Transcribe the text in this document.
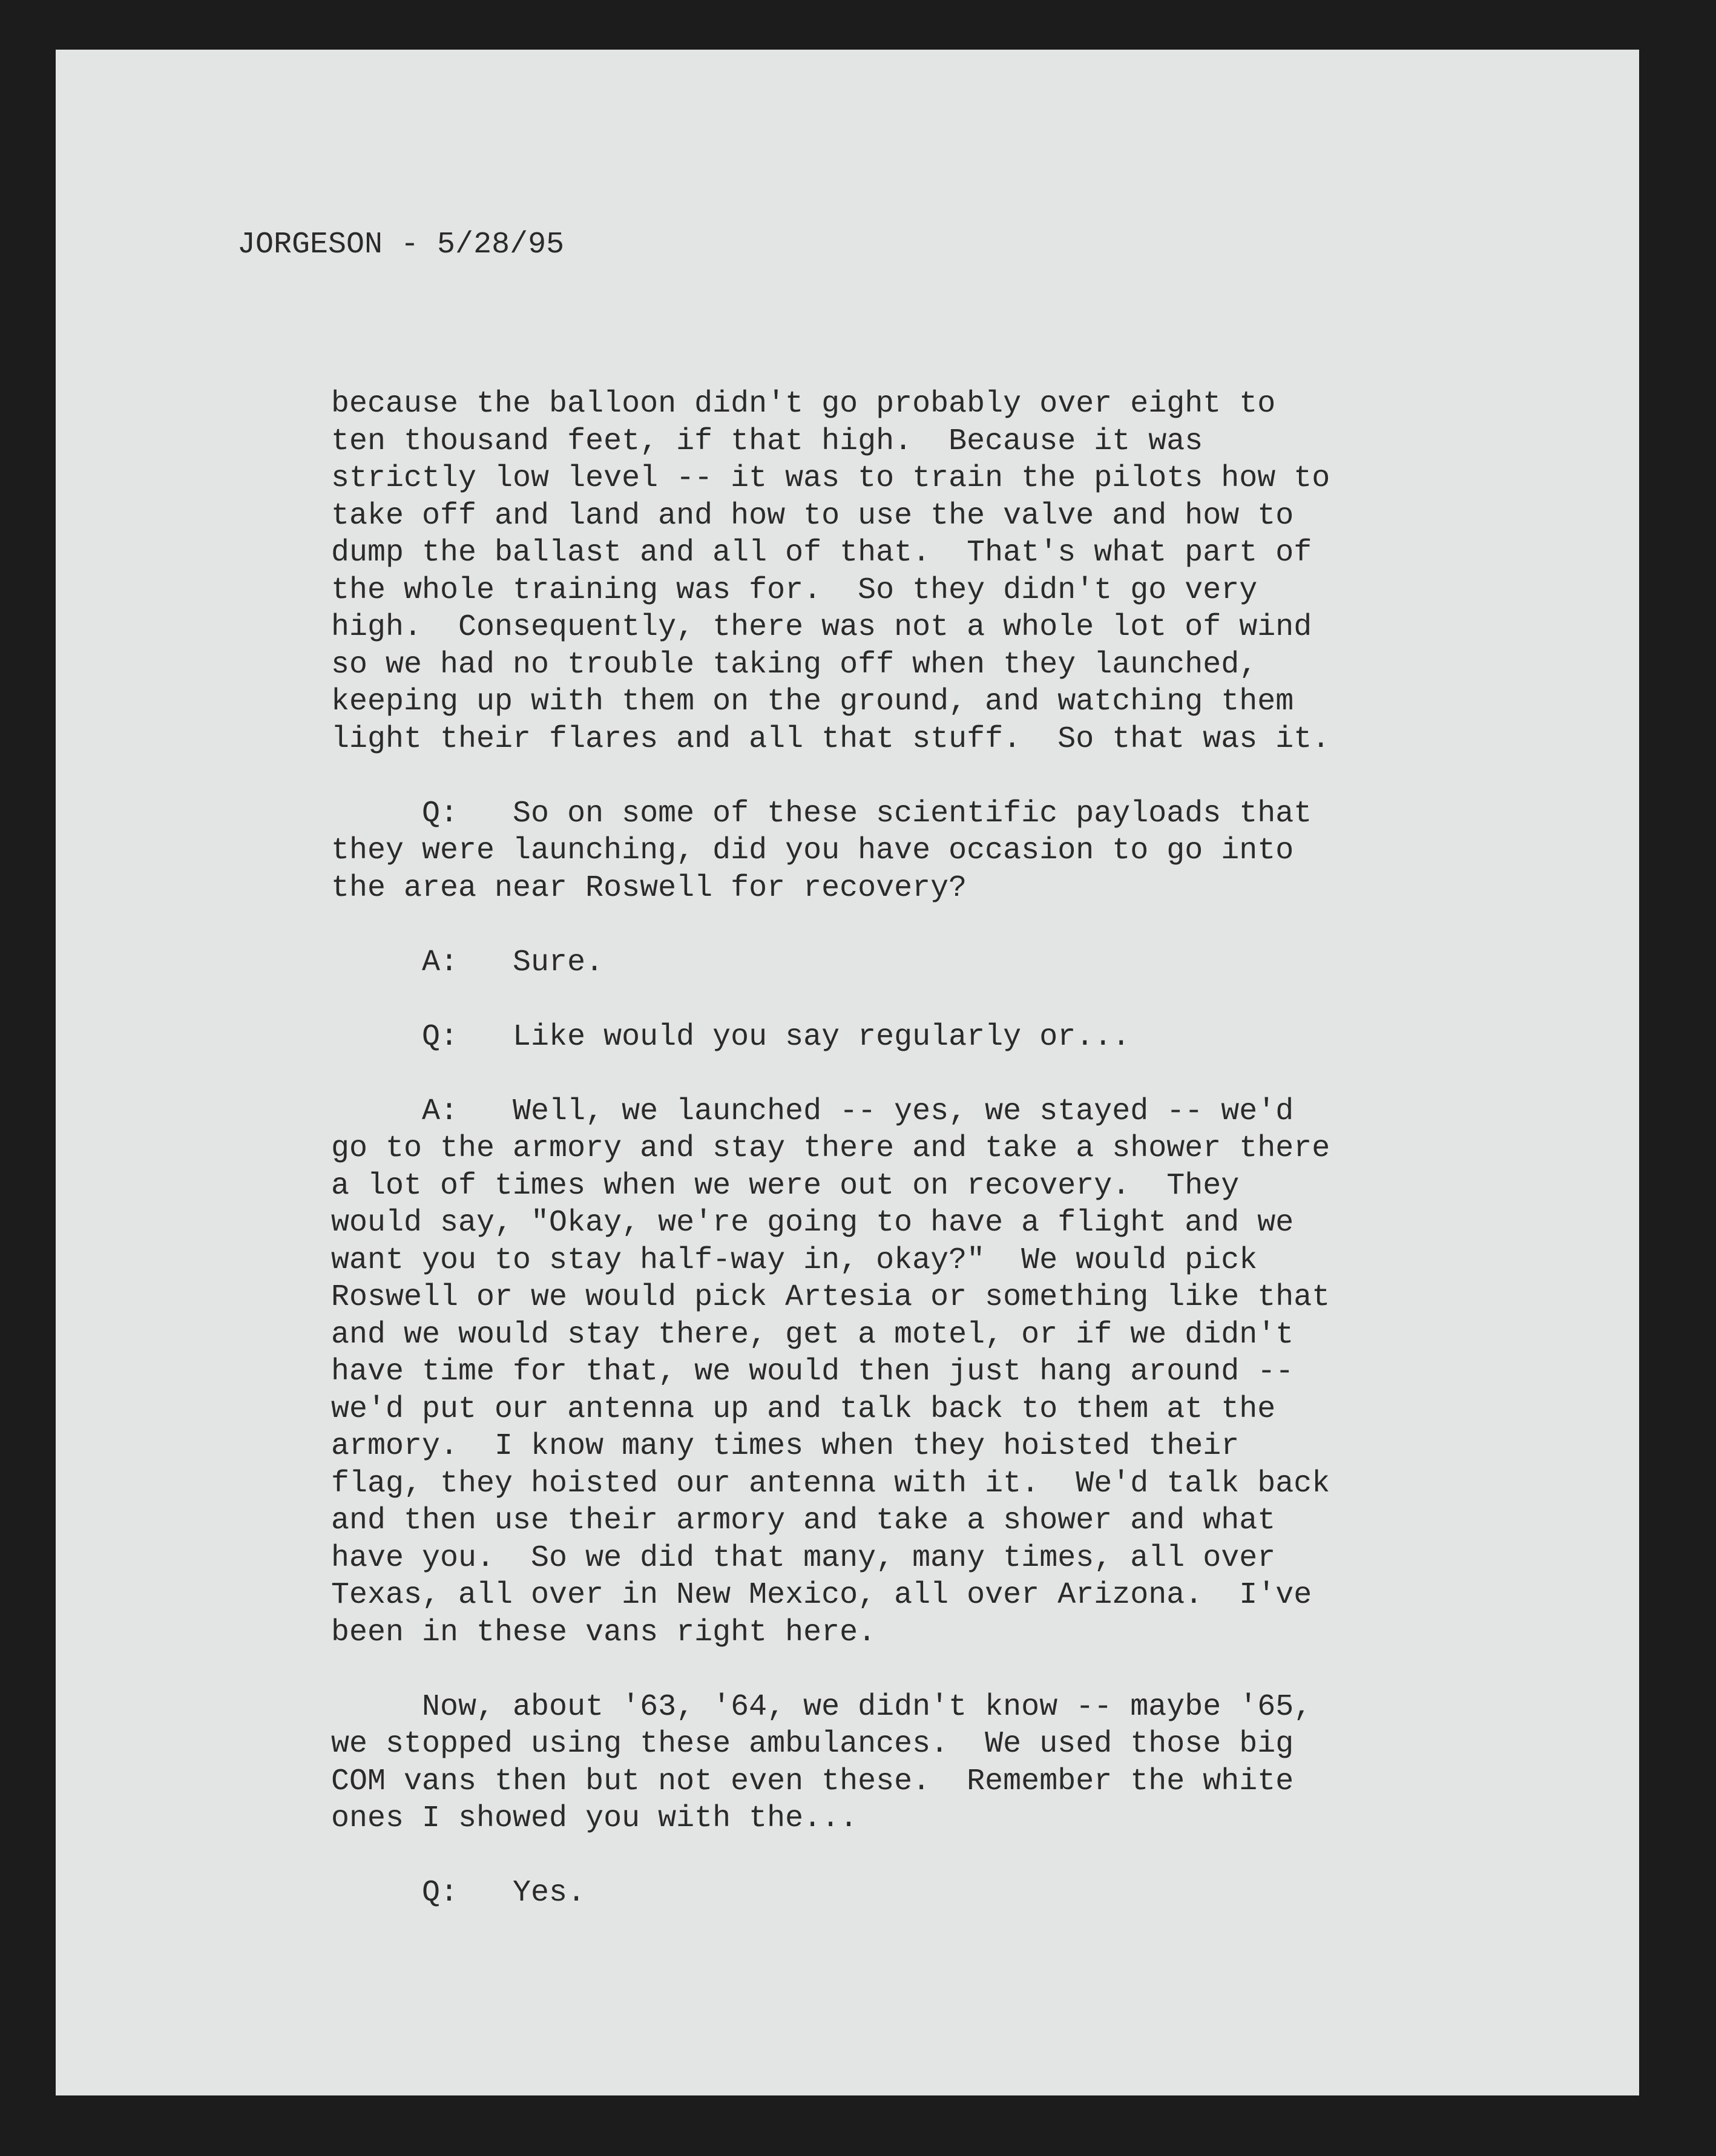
JORGESON - 5/28/95
because the balloon didn't go probably over eight to
ten thousand feet, if that high.  Because it was
strictly low level -- it was to train the pilots how to
take off and land and how to use the valve and how to
dump the ballast and all of that.  That's what part of
the whole training was for.  So they didn't go very
high.  Consequently, there was not a whole lot of wind
so we had no trouble taking off when they launched,
keeping up with them on the ground, and watching them
light their flares and all that stuff.  So that was it.
Q:   So on some of these scientific payloads that
they were launching, did you have occasion to go into
the area near Roswell for recovery?
A:   Sure.
Q:   Like would you say regularly or...
A:   Well, we launched -- yes, we stayed -- we'd
go to the armory and stay there and take a shower there
a lot of times when we were out on recovery.  They
would say, "Okay, we're going to have a flight and we
want you to stay half-way in, okay?"  We would pick
Roswell or we would pick Artesia or something like that
and we would stay there, get a motel, or if we didn't
have time for that, we would then just hang around --
we'd put our antenna up and talk back to them at the
armory.  I know many times when they hoisted their
flag, they hoisted our antenna with it.  We'd talk back
and then use their armory and take a shower and what
have you.  So we did that many, many times, all over
Texas, all over in New Mexico, all over Arizona.  I've
been in these vans right here.
Now, about '63, '64, we didn't know -- maybe '65,
we stopped using these ambulances.  We used those big
COM vans then but not even these.  Remember the white
ones I showed you with the...
Q:   Yes.
